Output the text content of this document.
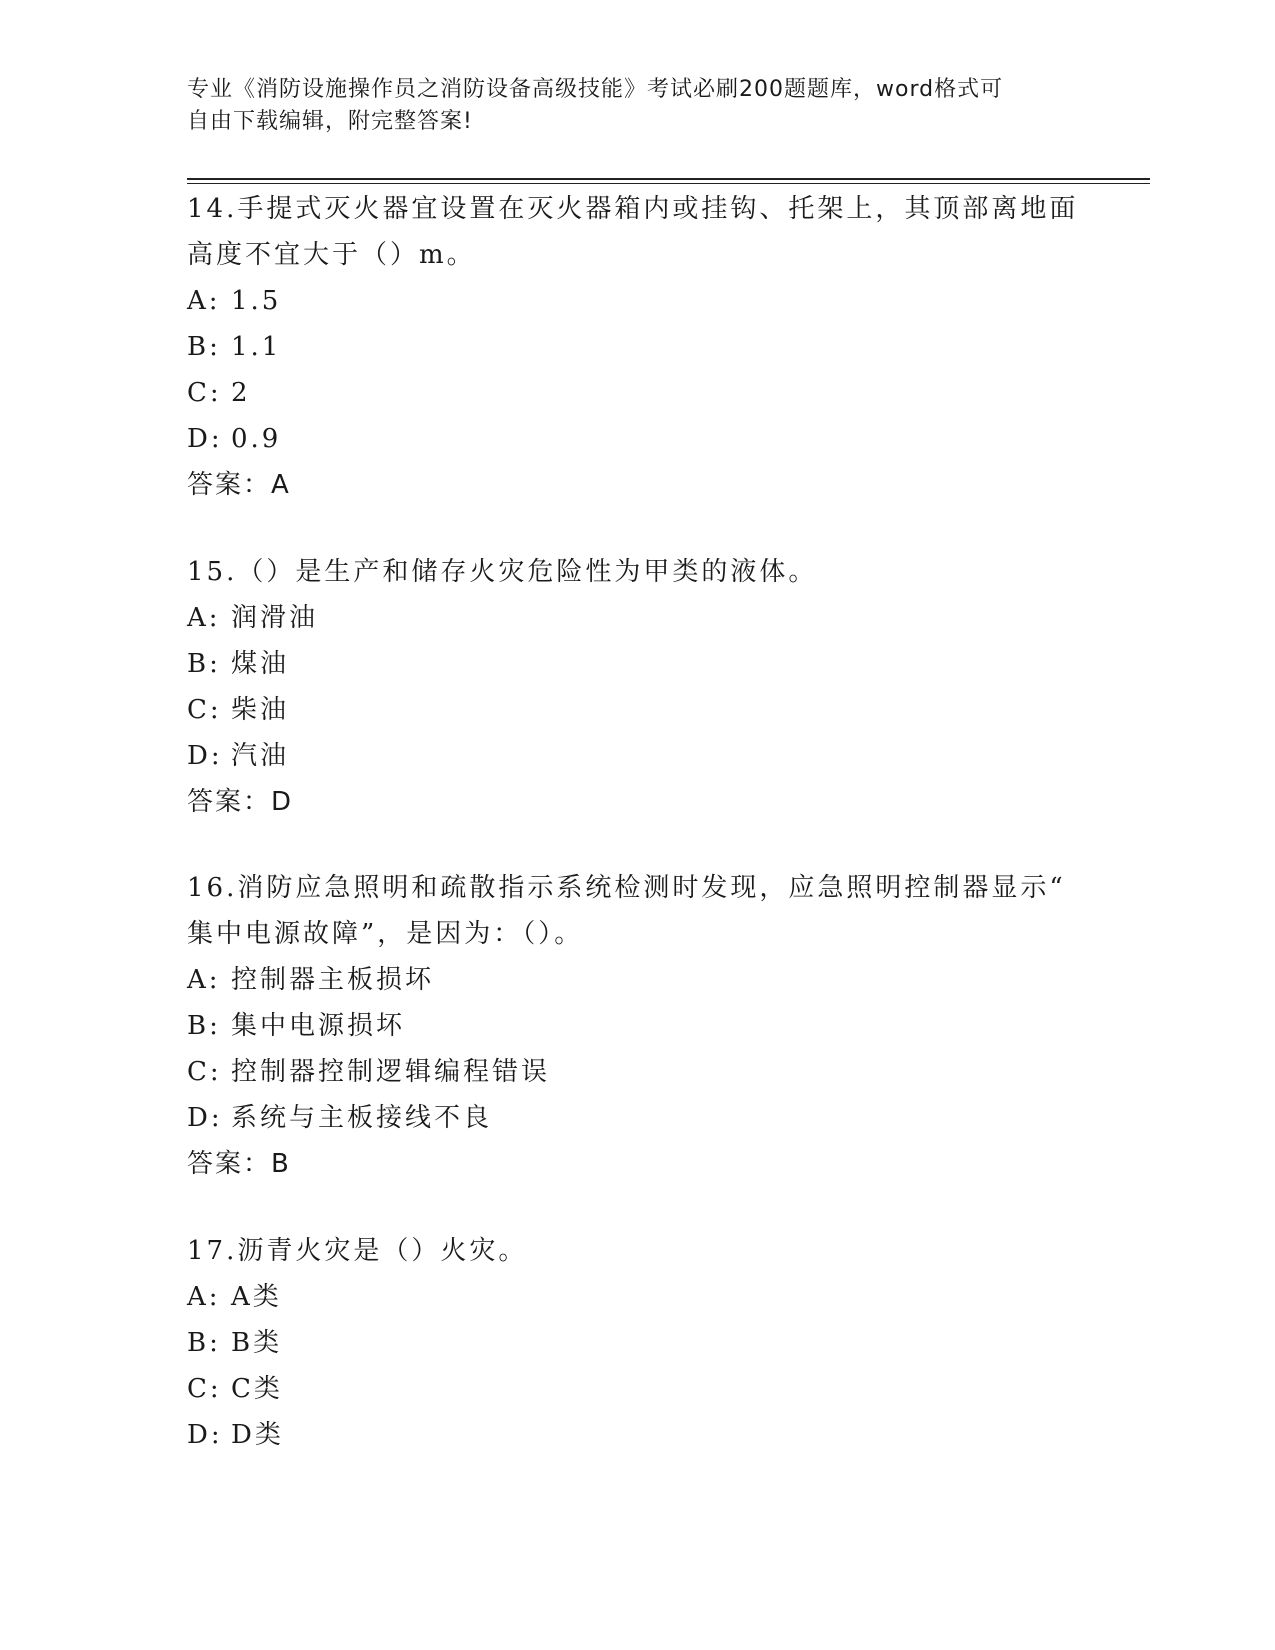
专业《消防设施操作员之消防设备高级技能》考试必刷200题题库，word格式可
自由下载编辑，附完整答案!
14.手提式灭火器宜设置在灭火器箱内或挂钩、托架上，其顶部离地面
高度不宜大于（）m。
A: 1.5
B: 1.1
C: 2
D: 0.9
答案：A
15.（）是生产和储存火灾危险性为甲类的液体。
A: 润滑油
B: 煤油
C: 柴油
D: 汽油
答案：D
16.消防应急照明和疏散指示系统检测时发现，应急照明控制器显示“
集中电源故障”，是因为：（）。
A: 控制器主板损坏
B: 集中电源损坏
C: 控制器控制逻辑编程错误
D: 系统与主板接线不良
答案：B
17.沥青火灾是（）火灾。
A: A类
B: B类
C: C类
D: D类
